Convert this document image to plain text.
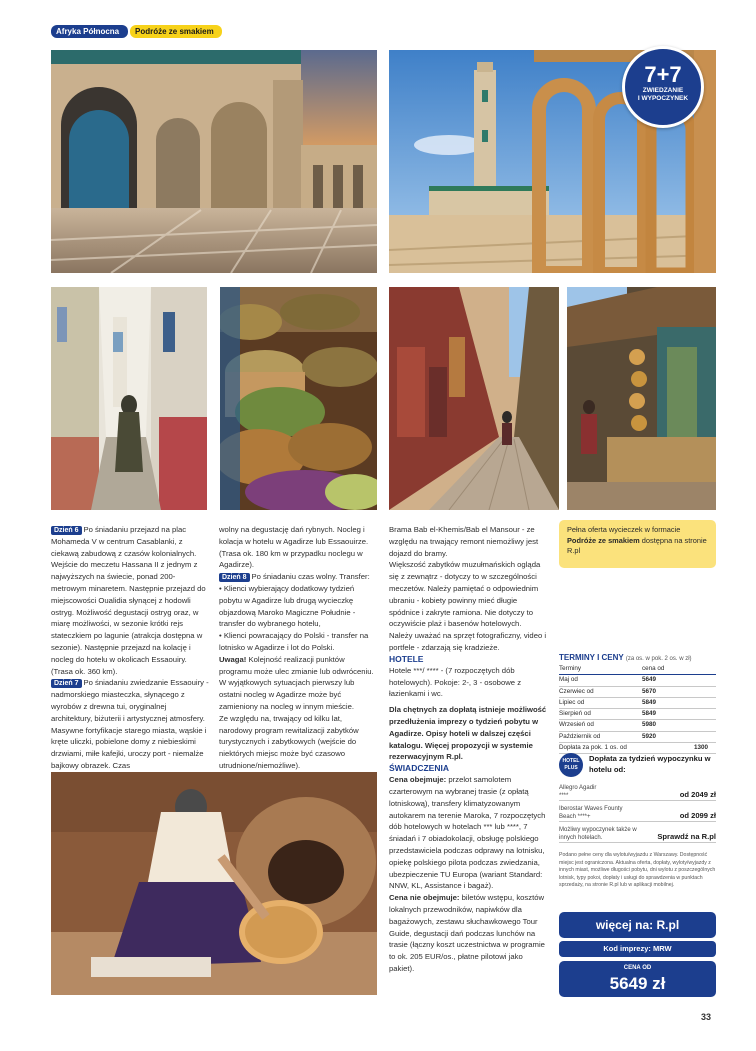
Afryka Północna	Podróże ze smakiem
7+7
ZWIEDZANIE
I WYPOCZYNEK

Dzień 6 Po śniadaniu przejazd na plac Mohameda V w centrum Casablanki, z ciekawą zabudową z czasów kolonialnych. Wejście do meczetu Hassana II z jednym z najwyższych na świecie, ponad 200-metrowym minaretem. Następnie przejazd do miejscowości Oualidia słynącej z hodowli ostryg. Możliwość degustacji ostryg oraz, w miarę możliwości, w sezonie krótki rejs stateczkiem po lagunie (atrakcja dostępna w sezonie). Następnie przejazd na kolację i nocleg do hotelu w okolicach Essaouiry. (Trasa ok. 360 km).

Dzień 7 Po śniadaniu zwiedzanie Essaouiry - nadmorskiego miasteczka, słynącego z wyrobów z drewna tui, oryginalnej architektury, biżuterii i artystycznej atmosfery. Masywne fortyfikacje starego miasta, wąskie i kręte uliczki, pobielone domy z niebieskimi drzwiami, miłe kafejki, uroczy port - niemalże bajkowy obrazek. Czas

wolny na degustację dań rybnych. Nocleg i kolacja w hotelu w Agadirze lub Essaouirze. (Trasa ok. 180 km w przypadku noclegu w Agadirze).

Dzień 8 Po śniadaniu czas wolny. Transfer:

• Klienci wybierający dodatkowy tydzień pobytu w Agadirze lub drugą wycieczkę objazdową Maroko Magiczne Południe - transfer do wybranego hotelu,

• Klienci powracający do Polski - transfer na lotnisko w Agadirze i lot do Polski.

Uwaga! Kolejność realizacji punktów programu może ulec zmianie lub odwróceniu.

W wyjątkowych sytuacjach pierwszy lub ostatni nocleg w Agadirze może być zamieniony na nocleg w innym mieście.

Ze względu na, trwający od kilku lat, narodowy program rewitalizacji zabytków turystycznych i zabytkowych (wejście do niektórych miejsc może być czasowo utrudnione/niemożliwe).

Brama Bab el-Khemis/Bab el Mansour - ze względu na trwający remont niemożliwy jest dojazd do bramy.

Większość zabytków muzułmańskich ogląda się z zewnątrz - dotyczy to w szczególności meczetów. Należy pamiętać o odpowiednim ubraniu - kobiety powinny mieć długie spódnice i zakryte ramiona. Nie dotyczy to oczywiście plaż i basenów hotelowych.

Należy uważać na sprzęt fotograficzny, video i portfele - zdarzają się kradzieże.

HOTELE

Hotele ***/ **** - (7 rozpoczętych dób hotelowych). Pokoje: 2-, 3 - osobowe z łazienkami i wc.

Dla chętnych za dopłatą istnieje możliwość przedłużenia imprezy o tydzień pobytu w Agadirze. Opisy hoteli w dalszej części katalogu. Więcej propozycji w systemie rezerwacyjnym R.pl.

ŚWIADCZENIA

Cena obejmuje: przelot samolotem czarterowym na wybranej trasie (z opłatą lotniskową), transfery klimatyzowanym autokarem na terenie Maroka, 7 rozpoczętych dób hotelowych w hotelach *** lub ****, 7 śniadań i 7 obiadokolacji, obsługę polskiego przedstawiciela podczas odprawy na lotnisku, opiekę polskiego pilota podczas zwiedzania, ubezpieczenie TU Europa (wariant Standard: NNW, KL, Assistance i bagaż).

Cena nie obejmuje: biletów wstępu, kosztów lokalnych przewodników, napiwków dla bagażowych, zestawu słuchawkowego Tour Guide, degustacji dań podczas lunchów na trasie (łączny koszt uczestnictwa w programie to ok. 205 EUR/os., płatne pilotowi jako pakiet).

Pełna oferta wycieczek w formacie Podróże ze smakiem dostępna na stronie R.pl
TERMINY I CENY (za os. w pok. 2 os. w zł)
Terminy	cena od
Maj od	5649
Czerwiec od	5670
Lipiec od	5849
Sierpień od	5849
Wrzesień od	5980
Październik od	5920
Dopłata za pok. 1 os. od	1300
HOTEL
PLUS
Dopłata za tydzień wypoczynku w hotelu od:
Allegro Agadir
****	od 2049 zł
Iberostar Waves Founty Beach ****+	od 2099 zł
Możliwy wypoczynek także w innych hotelach.	Sprawdź na R.pl
Podano pełne ceny dla wylotu/wyjazdu z Warszawy. Dostępność miejsc jest ograniczona. Aktualna oferta, dopłaty, wyloty/wyjazdy z innych miast, możliwe długości pobytu, dni wylotu z poszczególnych lotnisk, typy pokoi, dopłaty i usługi do sprawdzenia w punktach sprzedaży, na stronie R.pl lub w aplikacji mobilnej.
więcej na: R.pl
Kod imprezy: MRW
CENA OD
5649 zł
33
